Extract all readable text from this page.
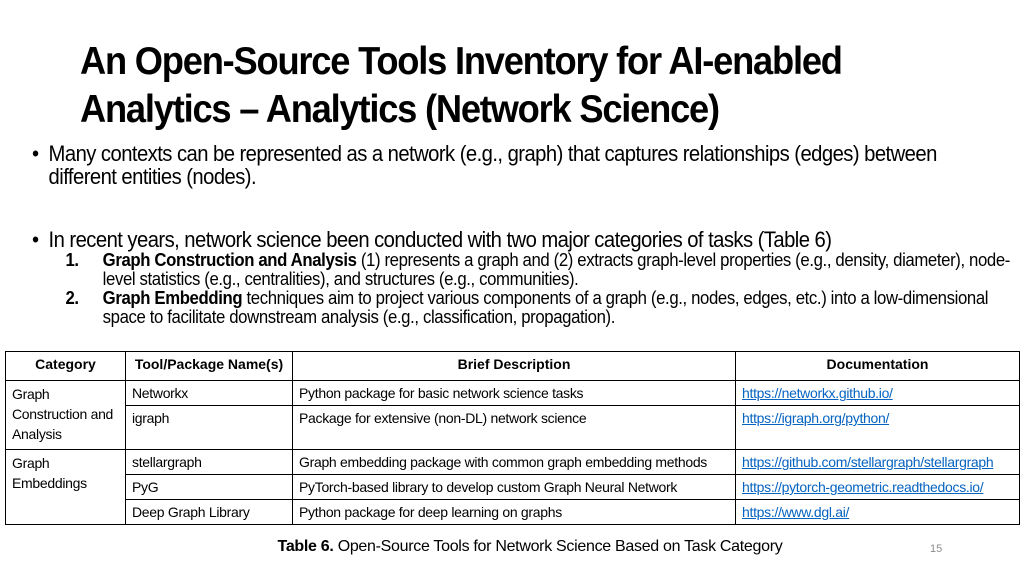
An Open-Source Tools Inventory for AI-enabled
Analytics – Analytics (Network Science)
• Many contexts can be represented as a network (e.g., graph) that captures relationships (edges) between different entities (nodes).
• In recent years, network science been conducted with two major categories of tasks (Table 6)
1. Graph Construction and Analysis (1) represents a graph and (2) extracts graph-level properties (e.g., density, diameter), node-level statistics (e.g., centralities), and structures (e.g., communities).
2. Graph Embedding techniques aim to project various components of a graph (e.g., nodes, edges, etc.) into a low-dimensional space to facilitate downstream analysis (e.g., classification, propagation).
Category	Tool/Package Name(s)	Brief Description	Documentation
Graph Construction and Analysis	Networkx	Python package for basic network science tasks	https://networkx.github.io/
	igraph	Package for extensive (non-DL) network science	https://igraph.org/python/
Graph Embeddings	stellargraph	Graph embedding package with common graph embedding methods	https://github.com/stellargraph/stellargraph
	PyG	PyTorch-based library to develop custom Graph Neural Network	https://pytorch-geometric.readthedocs.io/
	Deep Graph Library	Python package for deep learning on graphs	https://www.dgl.ai/
Table 6. Open-Source Tools for Network Science Based on Task Category	15
